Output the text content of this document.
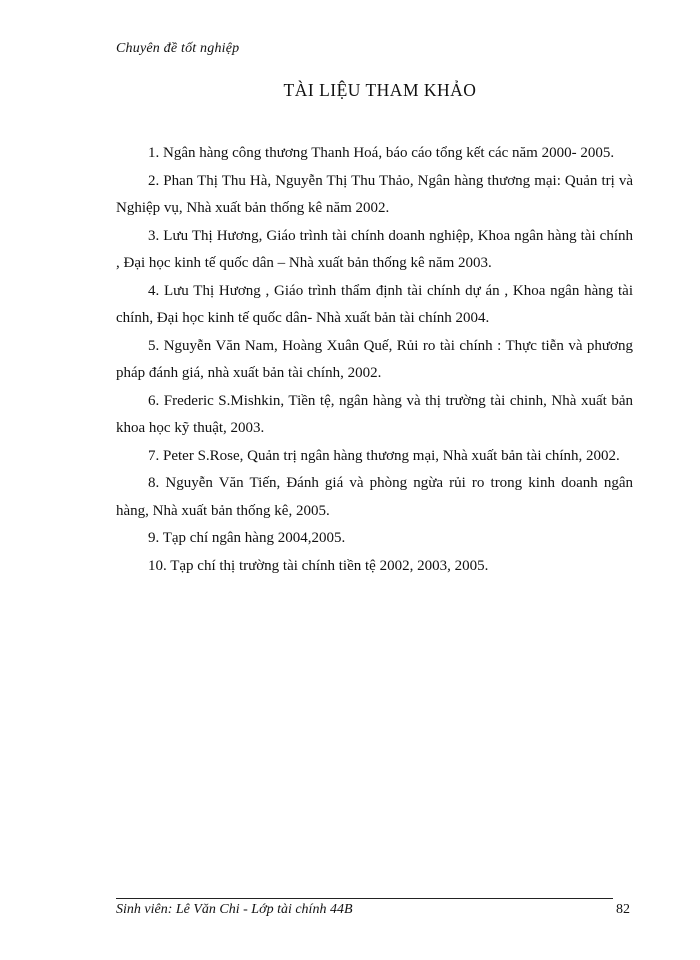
Chuyên đề tốt nghiệp
TÀI LIỆU THAM KHẢO
1. Ngân hàng công thương Thanh Hoá, báo cáo tổng kết các năm 2000- 2005.
2. Phan Thị Thu Hà, Nguyễn Thị Thu Thảo, Ngân hàng thương mại: Quản trị và Nghiệp vụ, Nhà xuất bản thống kê năm 2002.
3. Lưu Thị Hương, Giáo trình tài chính doanh nghiệp, Khoa ngân hàng tài chính , Đại học kinh tế quốc dân – Nhà xuất bản thống kê năm 2003.
4. Lưu Thị Hương , Giáo trình thẩm định tài chính dự án , Khoa ngân hàng tài chính, Đại học kinh tế quốc dân- Nhà xuất bản tài chính 2004.
5. Nguyễn Văn Nam, Hoàng Xuân Quế, Rủi ro tài chính : Thực tiễn và phương pháp đánh giá, nhà xuất bản tài chính, 2002.
6. Frederic S.Mishkin, Tiền tệ, ngân hàng và thị trường tài chinh, Nhà xuất bản khoa học kỹ thuật, 2003.
7. Peter S.Rose, Quản trị ngân hàng thương mại, Nhà xuất bản tài chính, 2002.
8. Nguyễn Văn Tiến, Đánh giá và phòng ngừa rủi ro trong kinh doanh ngân hàng, Nhà xuất bản thống kê, 2005.
9. Tạp chí ngân hàng 2004,2005.
10. Tạp chí thị trường tài chính tiền tệ 2002, 2003, 2005.
Sinh viên: Lê Văn Chi - Lớp tài chính 44B	82
